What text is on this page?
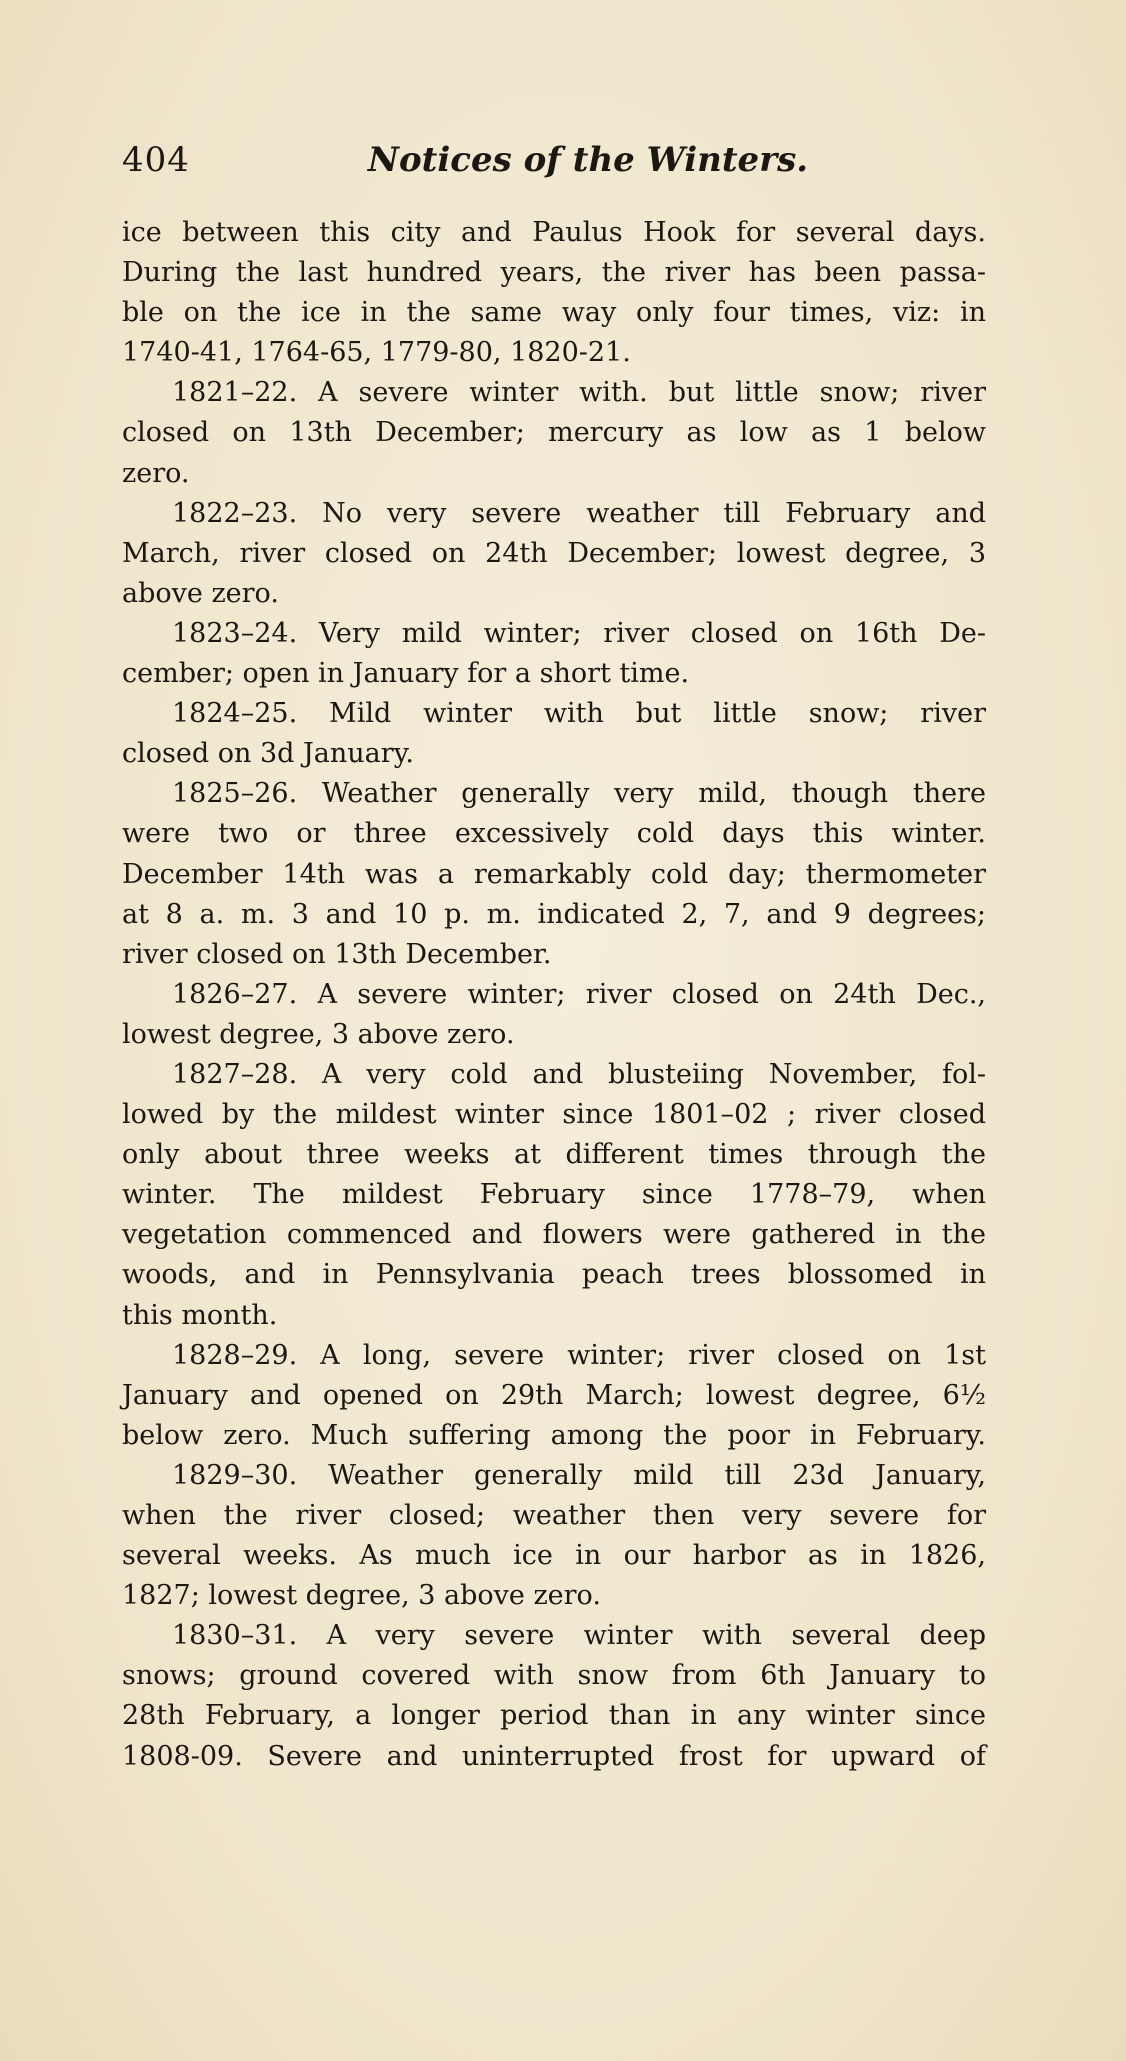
404	Notices of the Winters.
ice between this city and Paulus Hook for several days.
During the last hundred years, the river has been passa-
ble on the ice in the same way only four times, viz: in
1740-41, 1764-65, 1779-80, 1820-21.
1821–22. A severe winter with. but little snow; river
closed on 13th December; mercury as low as 1 below
zero.
1822–23. No very severe weather till February and
March, river closed on 24th December; lowest degree, 3
above zero.
1823–24. Very mild winter; river closed on 16th De-
cember; open in January for a short time.
1824–25. Mild winter with but little snow; river
closed on 3d January.
1825–26. Weather generally very mild, though there
were two or three excessively cold days this winter.
December 14th was a remarkably cold day; thermometer
at 8 a. m. 3 and 10 p. m. indicated 2, 7, and 9 degrees;
river closed on 13th December.
1826–27. A severe winter; river closed on 24th Dec.,
lowest degree, 3 above zero.
1827–28. A very cold and blusteiing November, fol-
lowed by the mildest winter since 1801–02 ; river closed
only about three weeks at different times through the
winter. The mildest February since 1778–79, when
vegetation commenced and flowers were gathered in the
woods, and in Pennsylvania peach trees blossomed in
this month.
1828–29. A long, severe winter; river closed on 1st
January and opened on 29th March; lowest degree, 6½
below zero. Much suffering among the poor in February.
1829–30. Weather generally mild till 23d January,
when the river closed; weather then very severe for
several weeks. As much ice in our harbor as in 1826,
1827; lowest degree, 3 above zero.
1830–31. A very severe winter with several deep
snows; ground covered with snow from 6th January to
28th February, a longer period than in any winter since
1808-09. Severe and uninterrupted frost for upward of
